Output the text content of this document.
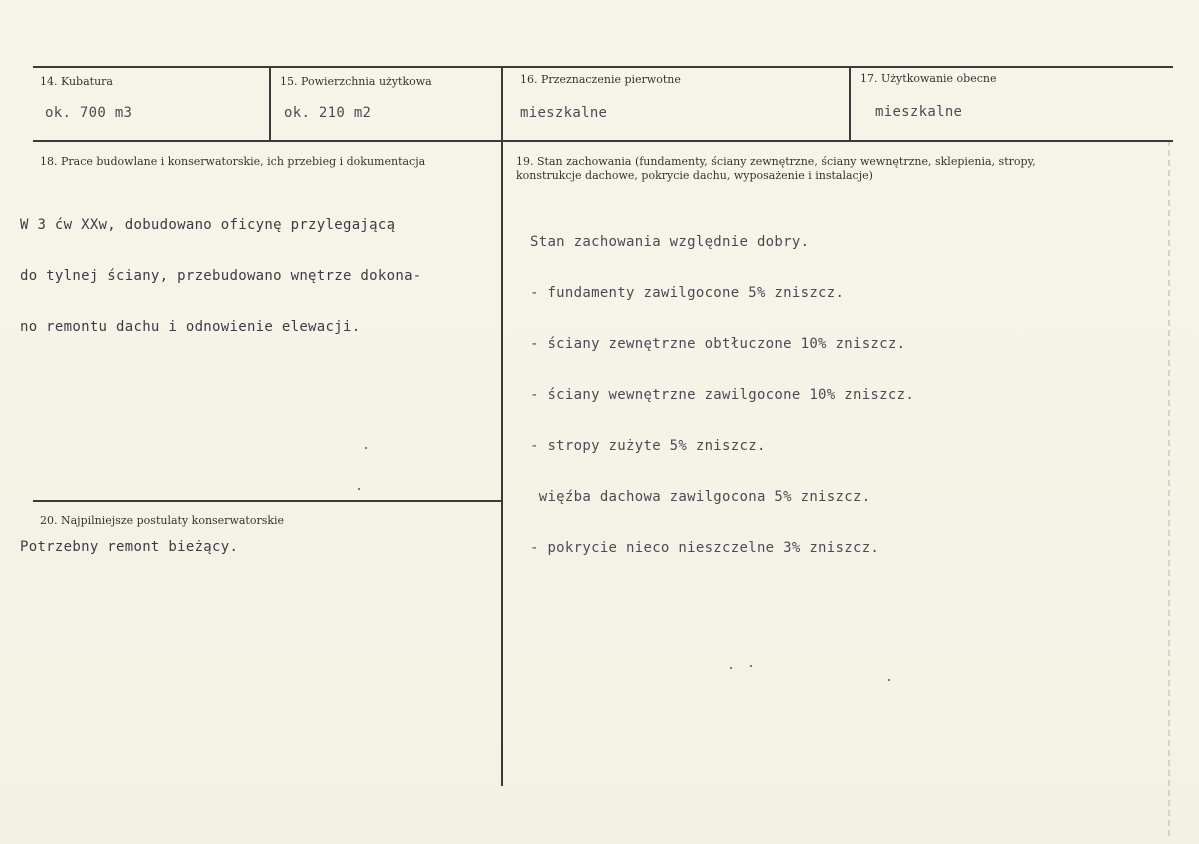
14. Kubatura
ok. 700 m3
15. Powierzchnia użytkowa
ok. 210 m2
16. Przeznaczenie pierwotne
mieszkalne
17. Użytkowanie obecne
mieszkalne
18. Prace budowlane i konserwatorskie, ich przebieg i dokumentacja

W 3 ćw XXw, dobudowano oficynę przylegającą

do tylnej ściany, przebudowano wnętrze dokona-

no remontu dachu i odnowienie elewacji.

19. Stan zachowania (fundamenty, ściany zewnętrzne, ściany wewnętrzne, sklepienia, stropy,
konstrukcje dachowe, pokrycie dachu, wyposażenie i instalacje)

Stan zachowania względnie dobry.

- fundamenty zawilgocone 5% zniszcz.

- ściany zewnętrzne obtłuczone 10% zniszcz.

- ściany wewnętrzne zawilgocone 10% zniszcz.

- stropy zużyte 5% zniszcz.

więźba dachowa zawilgocona 5% zniszcz.

- pokrycie nieco nieszczelne 3% zniszcz.

20. Najpilniejsze postulaty konserwatorskie
Potrzebny remont bieżący.
